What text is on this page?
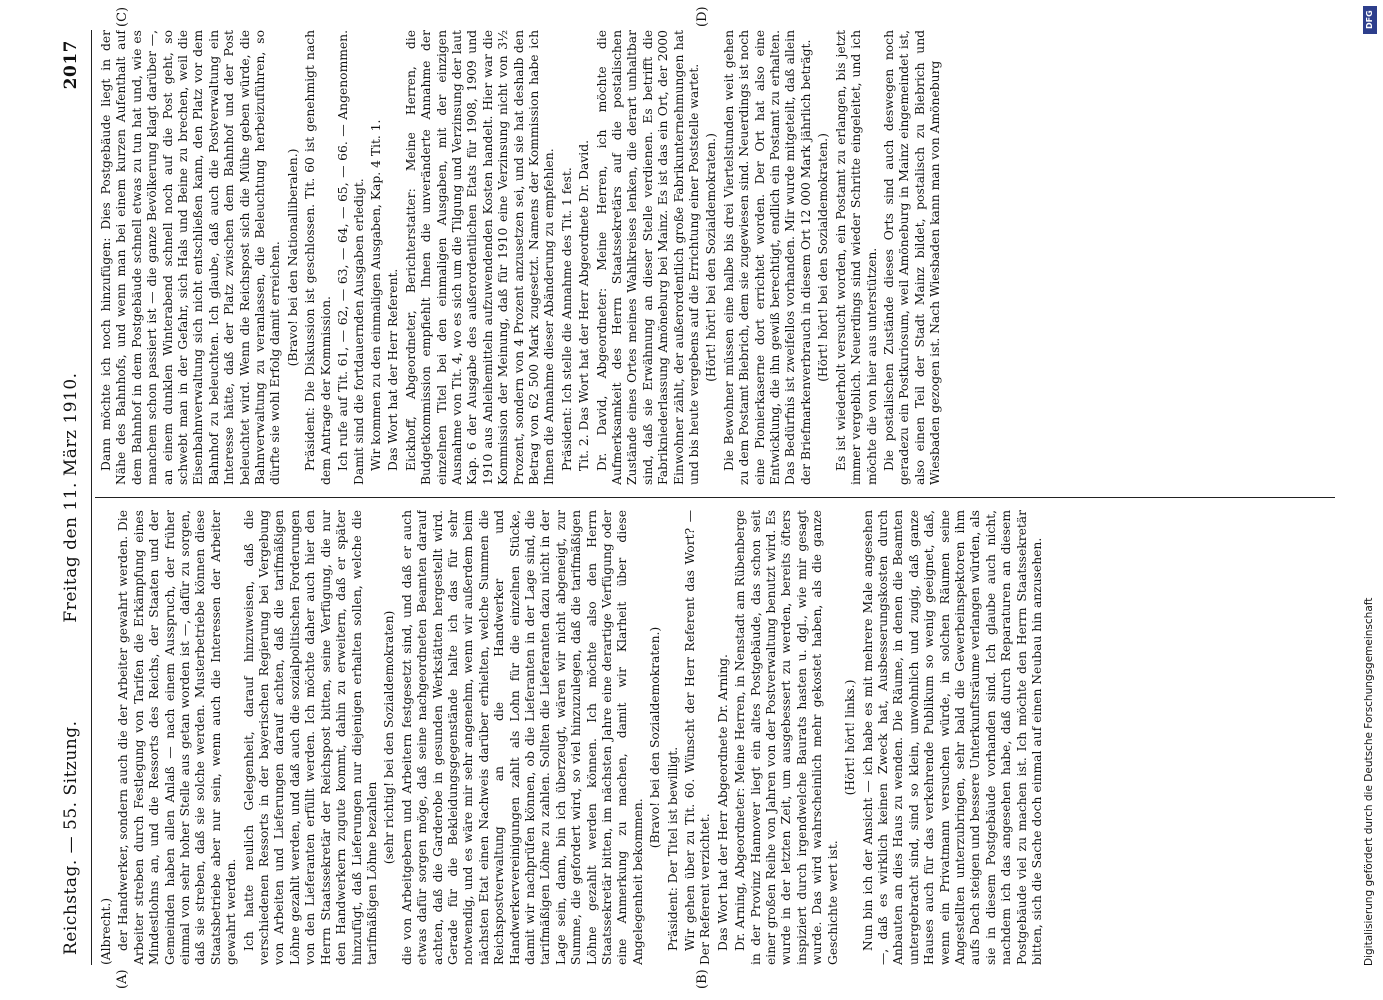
Reichstag. — 55. Sitzung.
Freitag den 11. März 1910.
2017

(Albrecht.) der Handwerker, sondern auch die der Arbeiter gewahrt werden. Die Arbeiter streben durch Festlegung von Tarifen die Erkämpfung eines Mindestlohns an, und die Ressorts des Reichs, der Staaten und der Gemeinden haben allen Anlaß — nach einem Ausspruch, der früher einmal von sehr hoher Stelle aus getan worden ist —, dafür zu sorgen, daß sie streben, daß sie solche werden. Musterbetriebe können diese Staatsbetriebe aber nur sein, wenn auch die Interessen der Arbeiter gewahrt werden. Ich hatte neulich Gelegenheit, darauf hinzuweisen, daß die verschiedenen Ressorts in der bayerischen Regierung bei Vergebung von Arbeiten und Lieferungen darauf achten, daß die tarifmäßigen Löhne gezahlt werden, und daß auch die sozialpolitischen Forderungen von den Lieferanten erfüllt werden. Ich möchte daher auch hier den Herrn Staatssekretär der Reichspost bitten, seine Verfügung, die nur den Handwerkern zugute kommt, dahin zu erweitern, daß er später hinzufügt, daß Lieferungen nur diejenigen erhalten sollen, welche die tarifmäßigen Löhne bezahlen

(sehr richtig! bei den Sozialdemokraten) die von Arbeitgebern und Arbeitern festgesetzt sind, und daß er auch etwas dafür sorgen möge, daß seine nachgeordneten Beamten darauf achten, daß die Garderobe in gesunden Werkstätten hergestellt wird. Gerade für die Bekleidungsgegenstände halte ich das für sehr notwendig, und es wäre mir sehr angenehm, wenn wir außerdem beim nächsten Etat einen Nachweis darüber erhielten, welche Summen die Reichspostverwaltung an die Handwerker und Handwerkervereinigungen zahlt als Lohn für die einzelnen Stücke, damit wir nachprüfen können, ob die Lieferanten in der Lage sind, die tarifmäßigen Löhne zu zahlen. Sollten die Lieferanten dazu nicht in der Lage sein, dann, bin ich überzeugt, wären wir nicht abgeneigt, zur Summe, die gefordert wird, so viel hinzuzulegen, daß die tarifmäßigen Löhne gezahlt werden können. Ich möchte also den Herrn Staatssekretär bitten, im nächsten Jahre eine derartige Verfügung oder eine Anmerkung zu machen, damit wir Klarheit über diese Angelegenheit bekommen.

(Bravo! bei den Sozialdemokraten.)

Präsident: Der Titel ist bewilligt. Wir gehen über zu Tit. 60. Wünscht der Herr Referent das Wort? — Der Referent verzichtet. Das Wort hat der Herr Abgeordnete Dr. Arning. Dr. Arning, Abgeordneter: Meine Herren, in Nenstadt am Rübenberge in der Provinz Hannover liegt ein altes Postgebäude, das schon seit einer großen Reihe von Jahren von der Postverwaltung benutzt wird. Es wurde in der letzten Zeit, um ausgebessert zu werden, bereits öfters inspiziert durch irgendwelche Baurats hasten u. dgl., wie mir gesagt wurde. Das wird wahrscheinlich mehr gekostet haben, als die ganze Geschichte wert ist.

(Hört! hört! links.) Nun bin ich der Ansicht — ich habe es mit mehrere Male angesehen —, daß es wirklich keinen Zweck hat, Ausbesserungskosten durch Anbauten an dies Haus zu wenden. Die Räume, in denen die Beamten untergebracht sind, sind so klein, unwohnlich und zugig, daß ganze Hauses auch für das verkehrende Publikum so wenig geeignet, daß, wenn ein Privatmann versuchen würde, in solchen Räumen seine Angestellten unterzubringen, sehr bald die Gewerbeinspektoren ihm aufs Dach steigen und bessere Unterkunftsräume verlangen würden, als sie in diesem Postgebäude vorhanden sind. Ich glaube auch nicht, nachdem ich das angesehen habe, daß durch Reparaturen an diesem Postgebäude viel zu machen ist. Ich möchte den Herrn Staatssekretär bitten, sich die Sache doch einmal auf einen Neubau hin anzusehen.

Dann möchte ich noch hinzufügen: Dies Postgebäude liegt in der Nähe des Bahnhofs, und wenn man bei einem kurzen Aufenthalt auf dem Bahnhof in dem Postgebäude schnell etwas zu tun hat und, wie es manchem schon passiert ist — die ganze Bevölkerung klagt darüber —, an einem dunklen Winterabend schnell noch auf die Post geht, so schwebt man in der Gefahr, sich Hals und Beine zu brechen, weil die Eisenbahnverwaltung sich nicht entschließen kann, den Platz vor dem Bahnhof zu beleuchten. Ich glaube, daß auch die Postverwaltung ein Interesse hätte, daß der Platz zwischen dem Bahnhof und der Post beleuchtet wird. Wenn die Reichspost sich die Mühe geben würde, die Bahnverwaltung zu veranlassen, die Beleuchtung herbeizuführen, so dürfte sie wohl Erfolg damit erreichen. (Bravo! bei den Nationalliberalen.) Präsident: Die Diskussion ist geschlossen. Tit. 60 ist genehmigt nach dem Antrage der Kommission. Ich rufe auf Tit. 61, — 62, — 63, — 64, — 65, — 66. — Angenommen. Damit sind die fortdauernden Ausgaben erledigt. Wir kommen zu den einmaligen Ausgaben, Kap. 4 Tit. 1. Das Wort hat der Herr Referent. Eickhoff, Abgeordneter, Berichterstatter: Meine Herren, die Budgetkommission empfiehlt Ihnen die unveränderte Annahme der einzelnen Titel bei den einmaligen Ausgaben, mit der einzigen Ausnahme von Tit. 4, wo es sich um die Tilgung und Verzinsung der laut Kap. 6 der Ausgabe des außerordentlichen Etats für 1908, 1909 und 1910 aus Anleihemitteln aufzuwendenden Kosten handelt. Hier war die Kommission der Meinung, daß für 1910 eine Verzinsung nicht von 3½ Prozent, sondern von 4 Prozent anzusetzen sei, und sie hat deshalb den Betrag von 62 500 Mark zugesetzt. Namens der Kommission habe ich Ihnen die Annahme dieser Abänderung zu empfehlen. Präsident: Ich stelle die Annahme des Tit. 1 fest. Tit. 2. Das Wort hat der Herr Abgeordnete Dr. David. Dr. David, Abgeordneter: Meine Herren, ich möchte die Aufmerksamkeit des Herrn Staatssekretärs auf die postalischen Zustände eines Ortes meines Wahlkreises lenken, die derart unhaltbar sind, daß sie Erwähnung an dieser Stelle verdienen. Es betrifft die Fabrikniederlassung Amöneburg bei Mainz. Es ist das ein Ort, der 2000 Einwohner zählt, der außerordentlich große Fabrikunternehmungen hat und bis heute vergebens auf die Errichtung einer Poststelle wartet. (Hört! hört! bei den Sozialdemokraten.) Die Bewohner müssen eine halbe bis drei Viertelstunden weit gehen zu dem Postamt Biebrich, dem sie zugewiesen sind. Neuerdings ist noch eine Pionierkaserne dort errichtet worden. Der Ort hat also eine Entwicklung, die ihn gewiß berechtigt, endlich ein Postamt zu erhalten. Das Bedürfnis ist zweifellos vorhanden. Mir wurde mitgeteilt, daß allein der Briefmarkenverbrauch in diesem Ort 12 000 Mark jährlich beträgt. (Hört! hört! bei den Sozialdemokraten.) Es ist wiederholt versucht worden, ein Postamt zu erlangen, bis jetzt immer vergeblich. Neuerdings sind wieder Schritte eingeleitet, und ich möchte die von hier aus unterstützen. Die postalischen Zustände dieses Orts sind auch deswegen noch geradezu ein Postkuriosum, weil Amöneburg in Mainz eingemeindet ist, also einen Teil der Stadt Mainz bildet, postalisch zu Biebrich und Wiesbaden gezogen ist. Nach Wiesbaden kann man von Amöneburg

(A)	(B)
(C)	(D)
Digitalisierung gefördert durch die Deutsche Forschungsgemeinschaft
DFG
